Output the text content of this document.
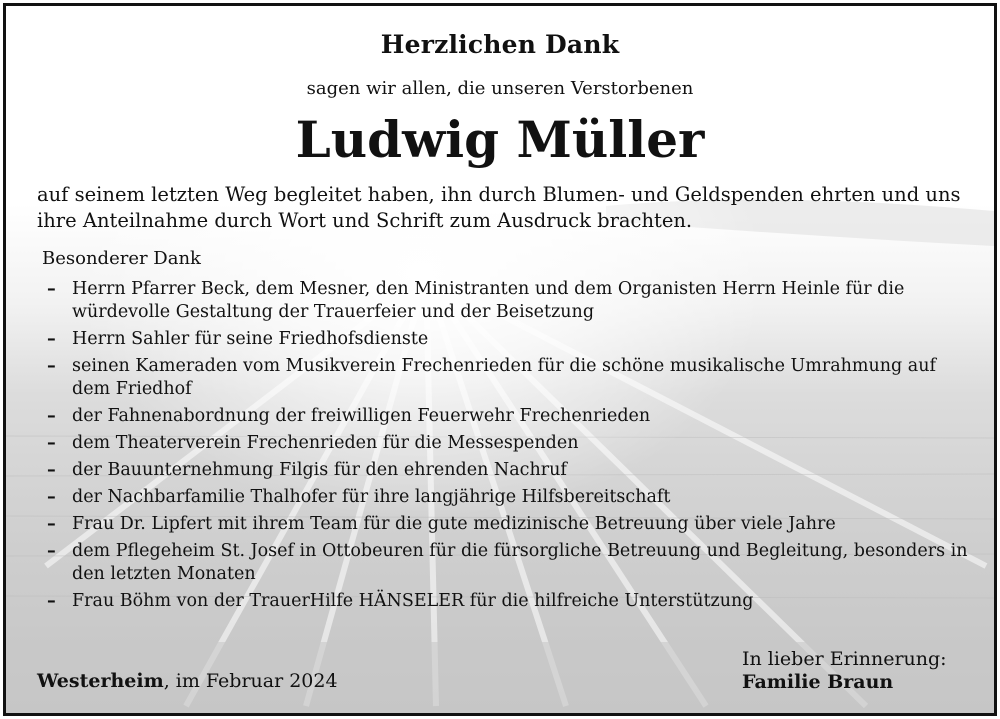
Herzlichen Dank
sagen wir allen, die unseren Verstorbenen
Ludwig Müller
auf seinem letzten Weg begleitet haben, ihn durch Blumen- und Geldspenden ehrten und uns ihre Anteilnahme durch Wort und Schrift zum Ausdruck brachten.
Besonderer Dank
– Herrn Pfarrer Beck, dem Mesner, den Ministranten und dem Organisten Herrn Heinle für die würdevolle Gestaltung der Trauerfeier und der Beisetzung
– Herrn Sahler für seine Friedhofsdienste
– seinen Kameraden vom Musikverein Frechenrieden für die schöne musikalische Umrahmung auf dem Friedhof
– der Fahnenabordnung der freiwilligen Feuerwehr Frechenrieden
– dem Theaterverein Frechenrieden für die Messespenden
– der Bauunternehmung Filgis für den ehrenden Nachruf
– der Nachbarfamilie Thalhofer für ihre langjährige Hilfsbereitschaft
– Frau Dr. Lipfert mit ihrem Team für die gute medizinische Betreuung über viele Jahre
– dem Pflegeheim St. Josef in Ottobeuren für die fürsorgliche Betreuung und Begleitung, besonders in den letzten Monaten
– Frau Böhm von der TrauerHilfe HÄNSELER für die hilfreiche Unterstützung
Westerheim, im Februar 2024
In lieber Erinnerung:
Familie Braun
